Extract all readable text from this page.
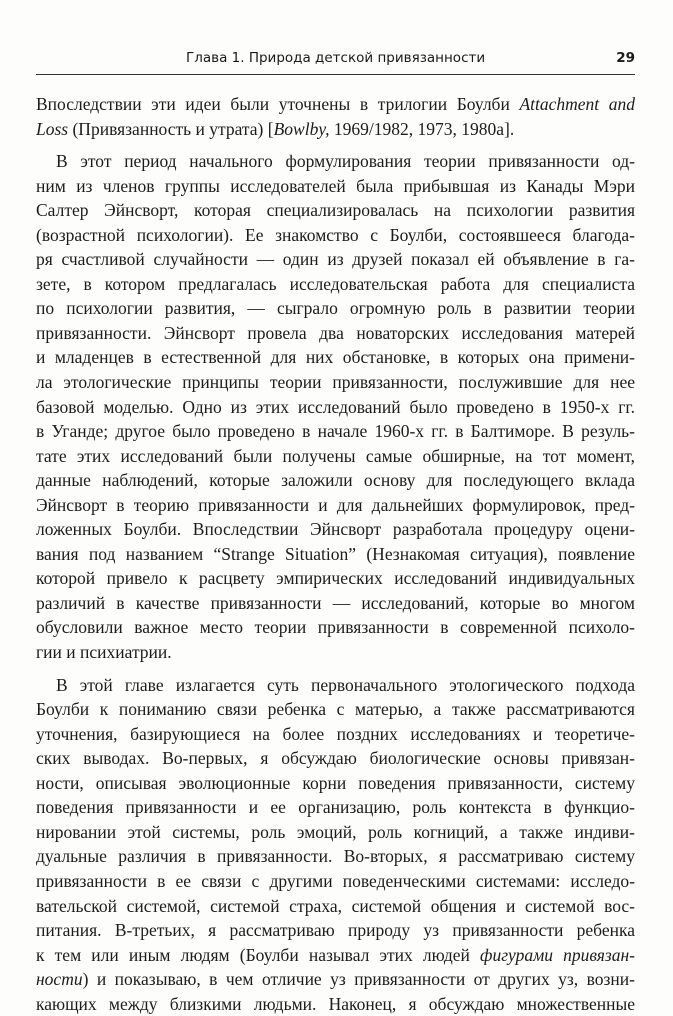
Глава 1. Природа детской привязанности	29
Впоследствии эти идеи были уточнены в трилогии Боулби Attachment and
Loss (Привязанность и утрата) [Bowlby, 1969/1982, 1973, 1980a].
В этот период начального формулирования теории привязанности од-
ним из членов группы исследователей была прибывшая из Канады Мэри
Салтер Эйнсворт, которая специализировалась на психологии развития
(возрастной психологии). Ее знакомство с Боулби, состоявшееся благода-
ря счастливой случайности — один из друзей показал ей объявление в га-
зете, в котором предлагалась исследовательская работа для специалиста
по психологии развития, — сыграло огромную роль в развитии теории
привязанности. Эйнсворт провела два новаторских исследования матерей
и младенцев в естественной для них обстановке, в которых она примени-
ла этологические принципы теории привязанности, послужившие для нее
базовой моделью. Одно из этих исследований было проведено в 1950-х гг.
в Уганде; другое было проведено в начале 1960-х гг. в Балтиморе. В резуль-
тате этих исследований были получены самые обширные, на тот момент,
данные наблюдений, которые заложили основу для последующего вклада
Эйнсворт в теорию привязанности и для дальнейших формулировок, пред-
ложенных Боулби. Впоследствии Эйнсворт разработала процедуру оцени-
вания под названием “Strange Situation” (Незнакомая ситуация), появление
которой привело к расцвету эмпирических исследований индивидуальных
различий в качестве привязанности — исследований, которые во многом
обусловили важное место теории привязанности в современной психоло-
гии и психиатрии.
В этой главе излагается суть первоначального этологического подхода
Боулби к пониманию связи ребенка с матерью, а также рассматриваются
уточнения, базирующиеся на более поздних исследованиях и теоретиче-
ских выводах. Во-первых, я обсуждаю биологические основы привязан-
ности, описывая эволюционные корни поведения привязанности, систему
поведения привязанности и ее организацию, роль контекста в функцио-
нировании этой системы, роль эмоций, роль когниций, а также индиви-
дуальные различия в привязанности. Во-вторых, я рассматриваю систему
привязанности в ее связи с другими поведенческими системами: исследо-
вательской системой, системой страха, системой общения и системой вос-
питания. В-третьих, я рассматриваю природу уз привязанности ребенка
к тем или иным людям (Боулби называл этих людей фигурами привязан-
ности) и показываю, в чем отличие уз привязанности от других уз, возни-
кающих между близкими людьми. Наконец, я обсуждаю множественные
